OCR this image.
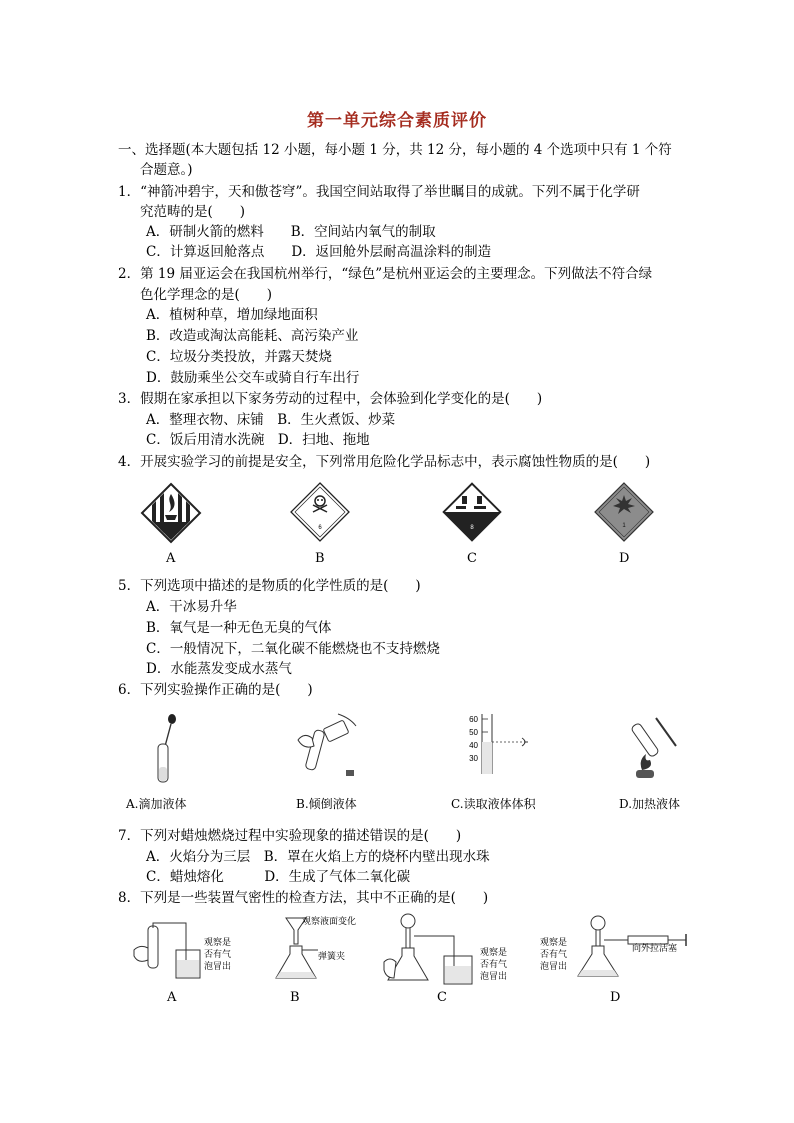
第一单元综合素质评价
一、选择题(本大题包括 12 小题，每小题 1 分，共 12 分，每小题的 4 个选项中只有 1 个符
合题意。)
1．“神箭冲碧宇，天和傲苍穹”。我国空间站取得了举世瞩目的成就。下列不属于化学研
究范畴的是(　　)
A．研制火箭的燃料　　B．空间站内氧气的制取
C．计算返回舱落点　　D．返回舱外层耐高温涂料的制造
2．第 19 届亚运会在我国杭州举行，“绿色”是杭州亚运会的主要理念。下列做法不符合绿
色化学理念的是(　　)
A．植树种草，增加绿地面积
B．改造或淘汰高能耗、高污染产业
C．垃圾分类投放，并露天焚烧
D．鼓励乘坐公交车或骑自行车出行
3．假期在家承担以下家务劳动的过程中，会体验到化学变化的是(　　)
A．整理衣物、床铺　B．生火煮饭、炒菜
C．饭后用清水洗碗　D．扫地、拖地
4．开展实验学习的前提是安全，下列常用危险化学品标志中，表示腐蚀性物质的是(　　)
6	8	1
A	B	C	D
5．下列选项中描述的是物质的化学性质的是(　　)
A．干冰易升华
B．氧气是一种无色无臭的气体
C．一般情况下，二氧化碳不能燃烧也不支持燃烧
D．水能蒸发变成水蒸气
6．下列实验操作正确的是(　　)
60
50
40
30
A.滴加液体	B.倾倒液体	C.读取液体体积	D.加热液体
7．下列对蜡烛燃烧过程中实验现象的描述错误的是(　　)
A．火焰分为三层　B．罩在火焰上方的烧杯内壁出现水珠
C．蜡烛熔化　　　D．生成了气体二氧化碳
8．下列是一些装置气密性的检查方法，其中不正确的是(　　)
观察是
否有气
泡冒出
观察液面变化
弹簧夹	观察是
否有气
泡冒出
观察是
否有气
泡冒出
向外拉活塞
A	B	C	D
